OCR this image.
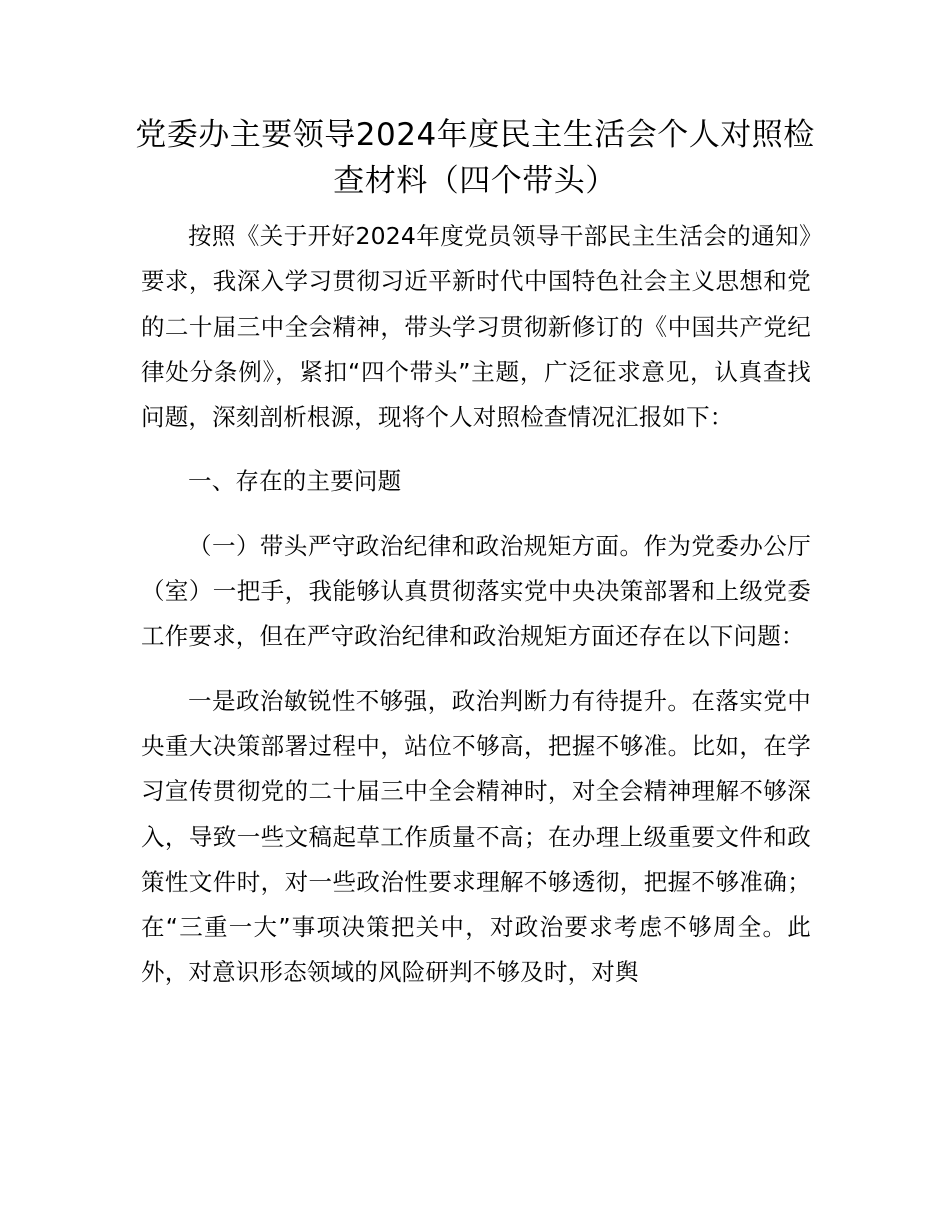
党委办主要领导2024年度民主生活会个人对照检查材料（四个带头）

按照《关于开好2024年度党员领导干部民主生活会的通知》要求，我深入学习贯彻习近平新时代中国特色社会主义思想和党的二十届三中全会精神，带头学习贯彻新修订的《中国共产党纪律处分条例》，紧扣“四个带头”主题，广泛征求意见，认真查找问题，深刻剖析根源，现将个人对照检查情况汇报如下：

一、存在的主要问题

（一）带头严守政治纪律和政治规矩方面。作为党委办公厅（室）一把手，我能够认真贯彻落实党中央决策部署和上级党委工作要求，但在严守政治纪律和政治规矩方面还存在以下问题：

一是政治敏锐性不够强，政治判断力有待提升。在落实党中央重大决策部署过程中，站位不够高，把握不够准。比如，在学习宣传贯彻党的二十届三中全会精神时，对全会精神理解不够深入，导致一些文稿起草工作质量不高；在办理上级重要文件和政策性文件时，对一些政治性要求理解不够透彻，把握不够准确；在“三重一大”事项决策把关中，对政治要求考虑不够周全。此外，对意识形态领域的风险研判不够及时，对舆
